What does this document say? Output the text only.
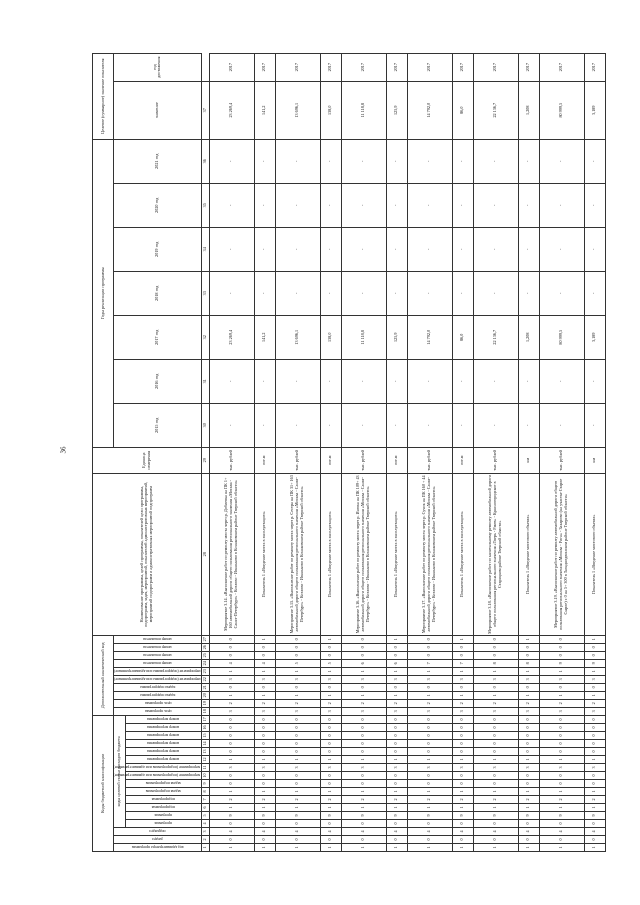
36
Коды бюджетной классификации																	Дополнительный аналитический код										Наименование программы, целей программы, показателей цели программы, подпрограмм, задач, мероприятий, показателей административных мероприятий, мероприятий подпрограмм и административных мероприятий подпрограмм	Единица измерения	Годы реализации программы							Целевое (суммарное) значение показателя	
код администратора программы	раздел	подраздел	коды целевой статьи расходов бюджета														цель программы	цель программы	задача подпрограммы	задача подпрограммы	мероприятие (подпрограммы или административное)	мероприятие (подпрограммы или административное)	номер показателя	номер показателя	номер показателя	номер показателя			2015 год	2016 год	2017 год	2018 год	2019 год	2020 год	2021 год	значение	год достижения
			программа	программа	подпрограмма	подпрограмма	задача подпрограммы	задача подпрограммы	мероприятие (подпрограммы или административное)	мероприятие (подпрограммы или административное)	номер мероприятия	номер мероприятия	номер мероприятия	номер мероприятия	номер мероприятия	номер мероприятия																					
1	2	3	4	5	6	7	8	9	10	11	12	13	14	15	16	17	18	19	20	21	22	23	24	25	26	27	28	29	30	31	32	33	34	35	36	37	
1	0	4	0	9	1	2	1	0	0	3	1	0	0	0	0	0	3	2	1	0	3	1	4	0	0	0	Мероприятие 3.14. «Выполнение работ по ремонту моста через р. Добиевка на ПК 1+ 160 автомобильной дороги общего пользования регионального значения «Москва - Санкт-Петербург» - Козлово - Иваньково в Конаковском районе Тверской области»	тыс. рублей	-	-	23 269,4	-	-	-	-	23 269,4	2017
1	0	4	0	9	1	2	1	0	0	3	1	0	0	0	0	0	3	2	1	0	3	1	4	0	0	1	Показатель 1 «Введение моста в эксплуатацию»	пог.м	-	-	141,2	-	-	-	-	141,2	2017
1	0	4	0	9	1	2	1	0	0	3	1	0	0	0	0	0	3	2	1	0	3	1	5	0	0	0	Мероприятие 3.15. «Выполнение работ по ремонту моста через р. Сестра на ПК 31+ 163 автомобильной дороги общего пользования регионального значения «Москва - Санкт-Петербург» - Козлово - Иваньково в Конаковском районе Тверской области»	тыс. рублей	-	-	13 696,1	-	-	-	-	13 696,1	2017
1	0	4	0	9	1	2	1	0	0	3	1	0	0	0	0	0	3	2	1	0	3	1	5	0	0	1	Показатель 1 «Введение моста в эксплуатацию»	пог.м	-	-	138,0	-	-	-	-	138,0	2017
1	0	4	0	9	1	2	1	0	0	3	1	0	0	0	0	0	3	2	1	0	3	1	6	0	0	0	Мероприятие 3.16. «Выполнение работ по ремонту моста через р. Инюха на ПК 109+ 43 автомобильной дороги общего пользования регионального значения «Москва - Санкт-Петербург» - Козлово - Иваньково в Конаковском районе Тверской области»	тыс. рублей	-	-	11 118,8	-	-	-	-	11 118,8	2017
1	0	4	0	9	1	2	1	0	0	3	1	0	0	0	0	0	3	2	1	0	3	1	6	0	0	1	Показатель 1 «Введение моста в эксплуатацию»	пог.м	-	-	125,9	-	-	-	-	125,9	2017
1	0	4	0	9	1	2	1	0	0	3	1	0	0	0	0	0	3	2	1	0	3	1	7	0	0	0	Мероприятие 3.17. «Выполнение работ по ремонту моста через р. Сучок на ПК 160 + 44 автомобильной дороги общего пользования регионального значения «Москва - Санкт-Петербург» - Козлово - Иваньково в Конаковском районе Тверской области»	тыс. рублей	-	-	14 792,0	-	-	-	-	14 792,0	2017
1	0	4	0	9	1	2	1	0	0	3	1	0	0	0	0	0	3	2	1	0	3	1	7	0	0	1	Показатель 1 «Введение моста в эксплуатацию»	пог.м	-	-	86,0	-	-	-	-	86,0	2017
1	0	4	0	9	1	2	1	0	0	3	1	0	0	0	0	0	3	2	1	0	3	1	8	0	0	0	Мероприятие 3.18. «Выполнение работ по капитальному ремонту автомобильной дороги общего пользования регионального значения «Тверь - Ржев» - Красногородское в Старицком районе Тверской области»	тыс. рублей	-	-	22 136,7	-	-	-	-	22 136,7	2017
1	0	4	0	9	1	2	1	0	0	3	1	0	0	0	0	0	3	2	1	0	3	1	8	0	0	1	Показатель 1 «Введение мостового объекта»	км	-	-	1,208	-	-	-	-	1,208	2017
1	0	4	0	9	1	2	1	0	0	3	1	0	0	0	0	0	3	2	1	0	3	1	9	0	0	0	Мероприятие 3.19. «Выполнение работ по ремонту автомобильной дороги общего пользования регионального значения «Москва - Рига» - Захарово (на участке Старое Сырое) с 0 на 5+ 300 в Западнодвинском районе Тверской области»	тыс. рублей	-	-	80 999,5	-	-	-	-	80 999,5	2017
1	0	4	0	9	1	2	1	0	0	3	1	0	0	0	0	0	3	2	1	0	3	1	9	0	0	1	Показатель 1 «Введение мостового объекта»	км	-	-	3,189	-	-	-	-	3,189	2017
